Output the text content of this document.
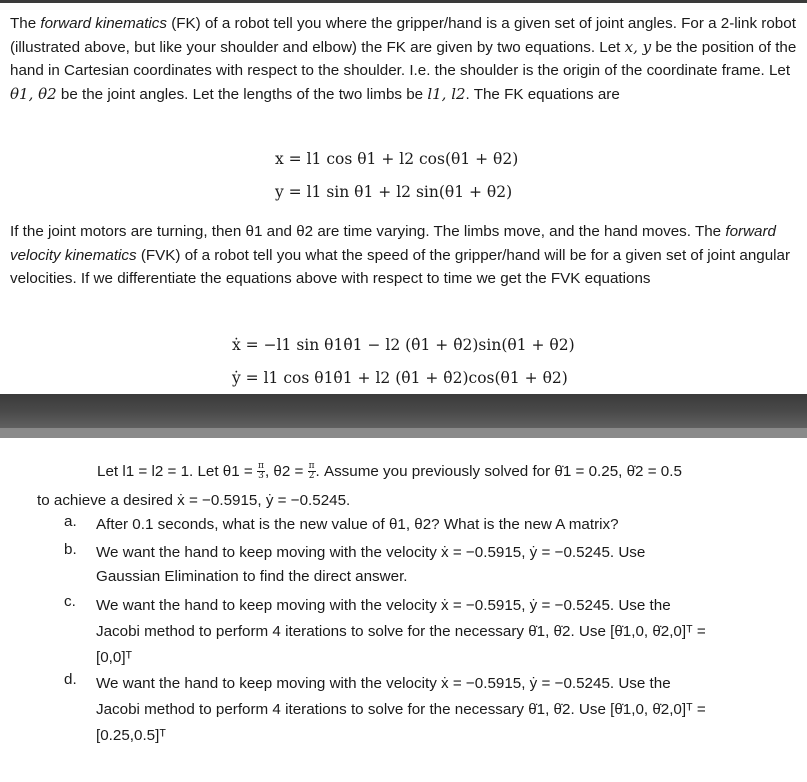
The forward kinematics (FK) of a robot tell you where the gripper/hand is a given set of joint angles. For a 2-link robot (illustrated above, but like your shoulder and elbow) the FK are given by two equations. Let x, y be the position of the hand in Cartesian coordinates with respect to the shoulder. I.e. the shoulder is the origin of the coordinate frame. Let θ1, θ2 be the joint angles. Let the lengths of the two limbs be l1, l2. The FK equations are
x = l1 cos θ1 + l2 cos(θ1 + θ2)
y = l1 sin θ1 + l2 sin(θ1 + θ2)
If the joint motors are turning, then θ1 and θ2 are time varying. The limbs move, and the hand moves. The forward velocity kinematics (FVK) of a robot tell you what the speed of the gripper/hand will be for a given set of joint angular velocities. If we differentiate the equations above with respect to time we get the FVK equations
ẋ = −l1 sin θ1θ̇1 − l2 (θ̇1 + θ̇2)sin(θ1 + θ2)
ẏ = l1 cos θ1θ̇1 + l2 (θ̇1 + θ̇2)cos(θ1 + θ2)
Let l1 = l2 = 1. Let $\theta 1 = \frac{\pi}{3}$ , $\theta 2 = \frac{\pi}{2}$ . Assume you previously solved for θ̇1 = 0.25, θ̇2 = 0.5
to achieve a desired ẋ = −0.5915, ẏ = −0.5245.
a. After 0.1 seconds, what is the new value of θ1, θ2? What is the new A matrix?
b. We want the hand to keep moving with the velocity ẋ = −0.5915, ẏ = −0.5245. Use
Gaussian Elimination to find the direct answer.
c. We want the hand to keep moving with the velocity ẋ = −0.5915, ẏ = −0.5245. Use the
Jacobi method to perform 4 iterations to solve for the necessary θ̇1, θ̇2. Use [θ̇1,0, θ̇2,0]ᵀ =
[0,0]ᵀ
d. We want the hand to keep moving with the velocity ẋ = −0.5915, ẏ = −0.5245. Use the
Jacobi method to perform 4 iterations to solve for the necessary θ̇1, θ̇2. Use [θ̇1,0, θ̇2,0]ᵀ =
[0.25,0.5]ᵀ
